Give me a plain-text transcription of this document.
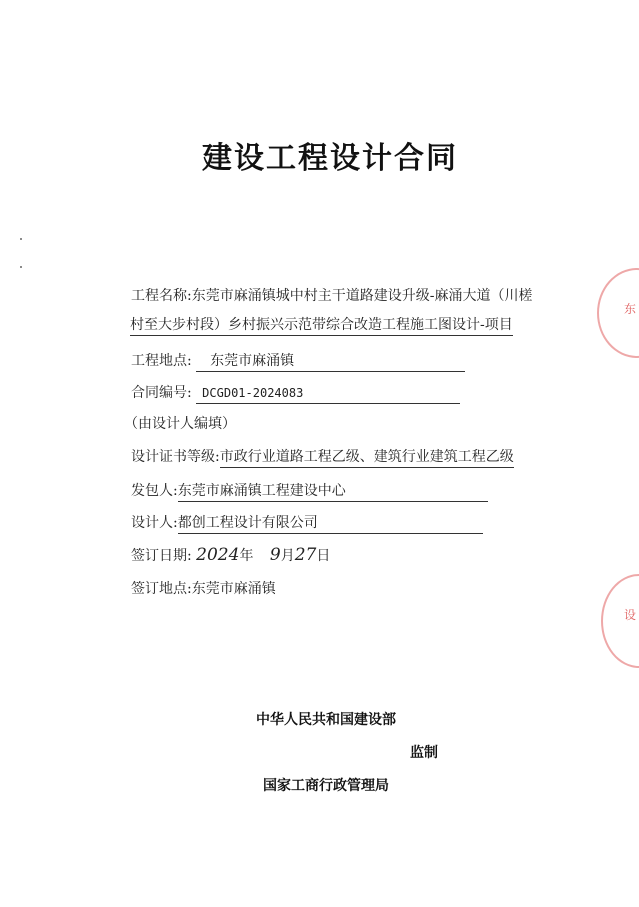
东
设
建设工程设计合同
工程名称:东莞市麻涌镇城中村主干道路建设升级-麻涌大道（川槎
村至大步村段）乡村振兴示范带综合改造工程施工图设计-项目
工程地点: 东莞市麻涌镇
合同编号: DCGD01-2024083
（由设计人编填）
设计证书等级:市政行业道路工程乙级、建筑行业建筑工程乙级
发包人:东莞市麻涌镇工程建设中心
设计人:都创工程设计有限公司
签订日期: 2024年 9月27日
签订地点:东莞市麻涌镇
中华人民共和国建设部
监制
国家工商行政管理局
